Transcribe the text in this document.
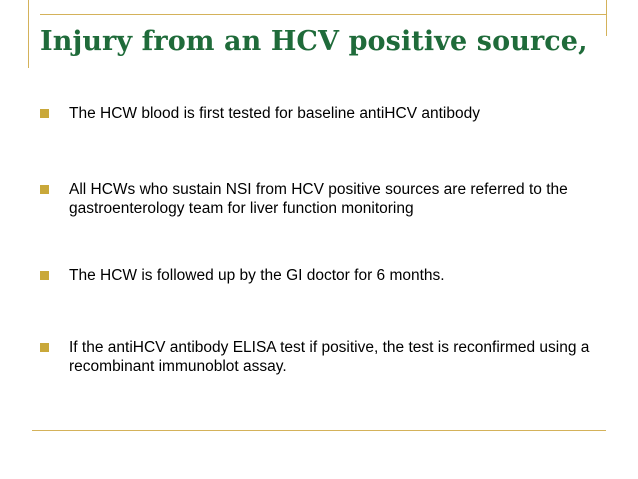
Injury from an HCV positive source,
The HCW blood is first tested for baseline antiHCV antibody
All HCWs who sustain NSI from HCV positive sources are referred to the gastroenterology team for liver function monitoring
The HCW is followed up by the GI doctor for 6 months.
If the antiHCV antibody ELISA test if positive, the test is reconfirmed using a recombinant immunoblot assay.
